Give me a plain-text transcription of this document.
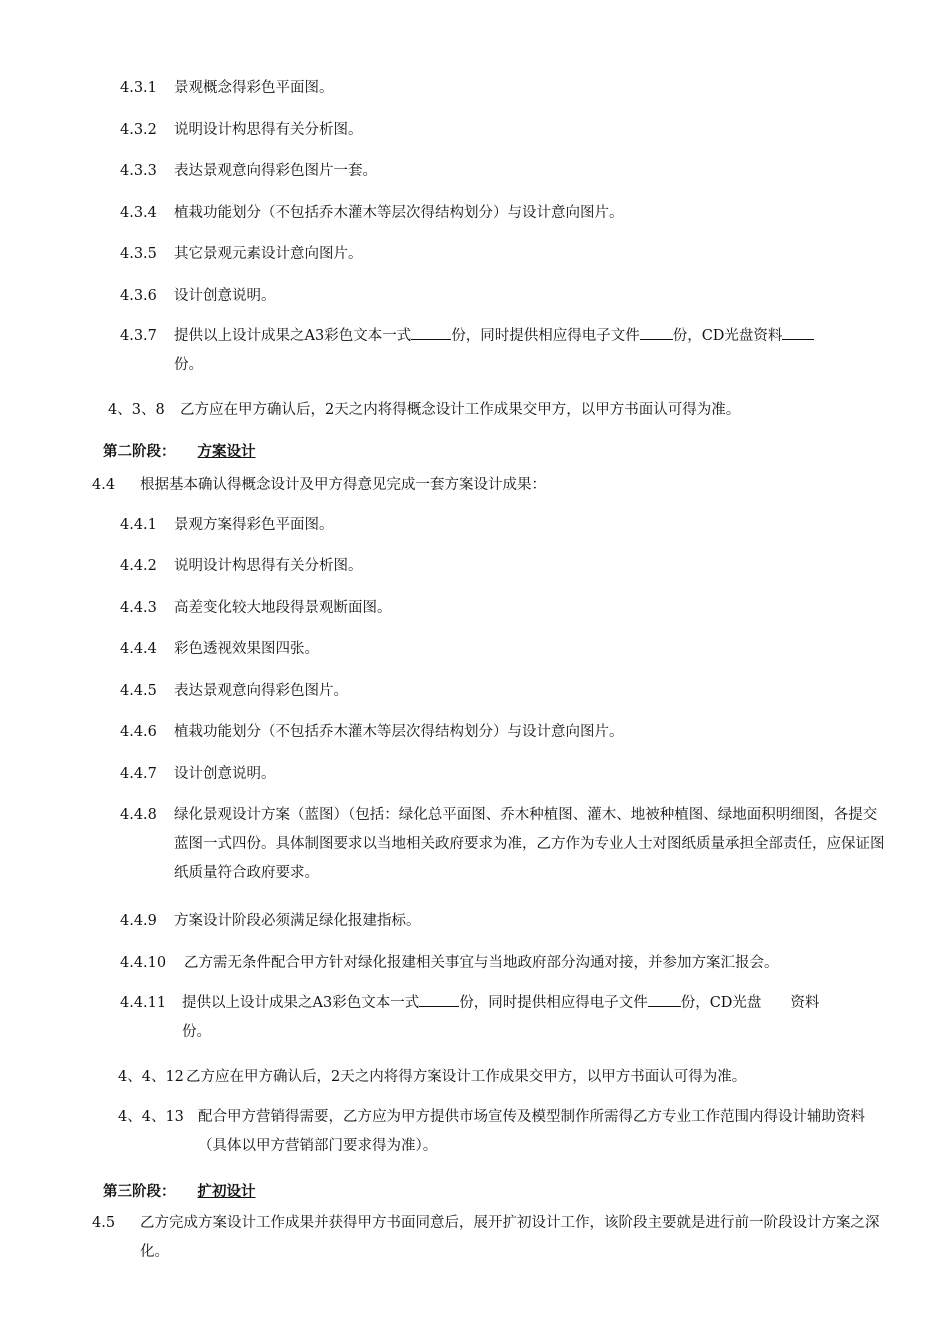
4.3.1 景观概念得彩色平面图。
4.3.2 说明设计构思得有关分析图。
4.3.3 表达景观意向得彩色图片一套。
4.3.4 植栽功能划分（不包括乔木灌木等层次得结构划分）与设计意向图片。
4.3.5 其它景观元素设计意向图片。
4.3.6 设计创意说明。
4.3.7 提供以上设计成果之A3彩色文本一式	份，同时提供相应得电子文件 份，CD光盘资料
份。
4、3、8 乙方应在甲方确认后，2天之内将得概念设计工作成果交甲方，以甲方书面认可得为准。
第二阶段： 方案设计
4.4 根据基本确认得概念设计及甲方得意见完成一套方案设计成果：
4.4.1 景观方案得彩色平面图。
4.4.2 说明设计构思得有关分析图。
4.4.3 高差变化较大地段得景观断面图。
4.4.4 彩色透视效果图四张。
4.4.5 表达景观意向得彩色图片。
4.4.6 植栽功能划分（不包括乔木灌木等层次得结构划分）与设计意向图片。
4.4.7 设计创意说明。
4.4.8 绿化景观设计方案（蓝图）（包括：绿化总平面图、乔木种植图、灌木、地被种植图、绿地面积明细图，各提交蓝图一式四份。具体制图要求以当地相关政府要求为准，乙方作为专业人士对图纸质量承担全部责任，应保证图纸质量符合政府要求。
4.4.9 方案设计阶段必须满足绿化报建指标。
4.4.10 乙方需无条件配合甲方针对绿化报建相关事宜与当地政府部分沟通对接，并参加方案汇报会。
4.4.11 提供以上设计成果之A3彩色文本一式	份，同时提供相应得电子文件 份，CD光盘　　资料
份。
4、4、12 乙方应在甲方确认后，2天之内将得方案设计工作成果交甲方，以甲方书面认可得为准。
4、4、13 配合甲方营销得需要，乙方应为甲方提供市场宣传及模型制作所需得乙方专业工作范围内得设计辅助资料（具体以甲方营销部门要求得为准）。
第三阶段： 扩初设计
4.5 乙方完成方案设计工作成果并获得甲方书面同意后，展开扩初设计工作，该阶段主要就是进行前一阶段设计方案之深化。
